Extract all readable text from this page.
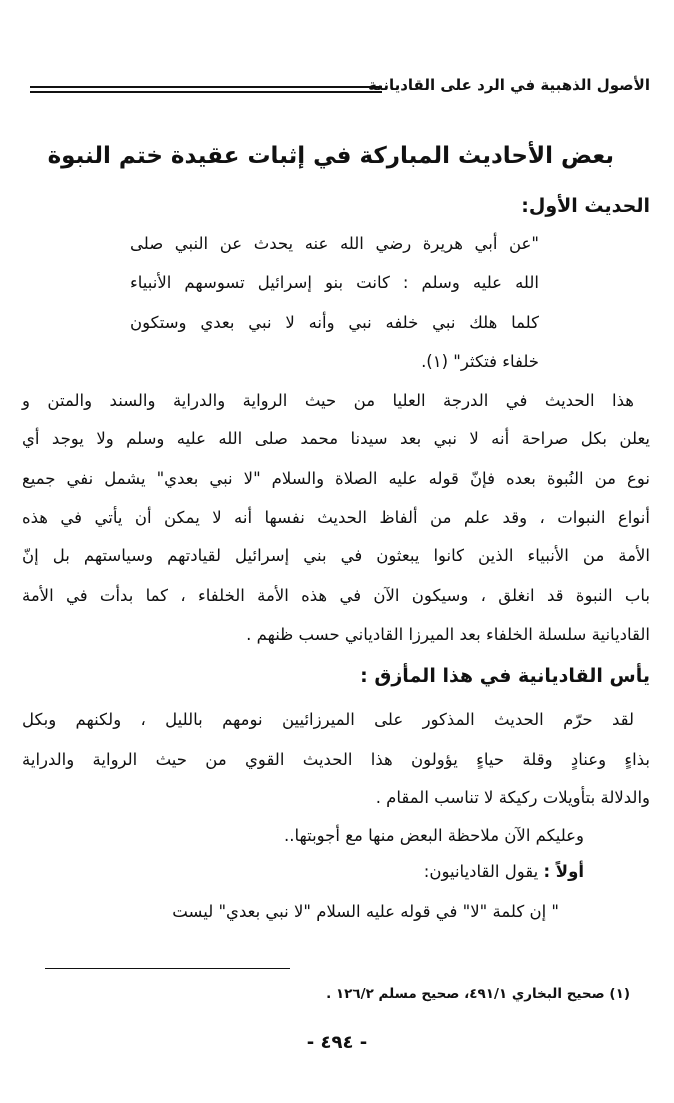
الأصول الذهبية في الرد على القاديانية
بعض الأحاديث المباركة في إثبات عقيدة ختم النبوة
الحديث الأول:
"عن أبي هريرة رضي الله عنه يحدث عن النبي صلى
الله عليه وسلم : كانت بنو إسرائيل تسوسهم الأنبياء
كلما هلك نبي خلفه نبي وأنه لا نبي بعدي وستكون
خلفاء فتكثر" (١).
هذا الحديث في الدرجة العليا من حيث الرواية والدراية والسند والمتن و
يعلن بكل صراحة أنه لا نبي بعد سيدنا محمد صلى الله عليه وسلم ولا يوجد أي
نوع من النُبوة بعده فإنّ قوله عليه الصلاة والسلام "لا نبي بعدي" يشمل نفي جميع
أنواع النبوات ، وقد علم من ألفاظ الحديث نفسها أنه لا يمكن أن يأتي في هذه
الأمة من الأنبياء الذين كانوا يبعثون في بني إسرائيل لقيادتهم وسياستهم بل إنّ
باب النبوة قد انغلق ، وسيكون الآن في هذه الأمة الخلفاء ، كما بدأت في الأمة
القاديانية سلسلة الخلفاء بعد الميرزا القادياني حسب ظنهم .
يأس القاديانية في هذا المأزق :
لقد حرّم الحديث المذكور على الميرزائيين نومهم بالليل ، ولكنهم وبكل
بذاءٍ وعنادٍ وقلة حياءٍ يؤولون هذا الحديث القوي من حيث الرواية والدراية
والدلالة بتأويلات ركيكة لا تناسب المقام .
وعليكم الآن ملاحظة البعض منها مع أجوبتها..
أولاً : يقول القاديانيون:
" إن كلمة "لا" في قوله عليه السلام "لا نبي بعدي" ليست
(١) صحيح البخاري ٤٩١/١، صحيح مسلم ١٢٦/٢ .
- ٤٩٤ -
